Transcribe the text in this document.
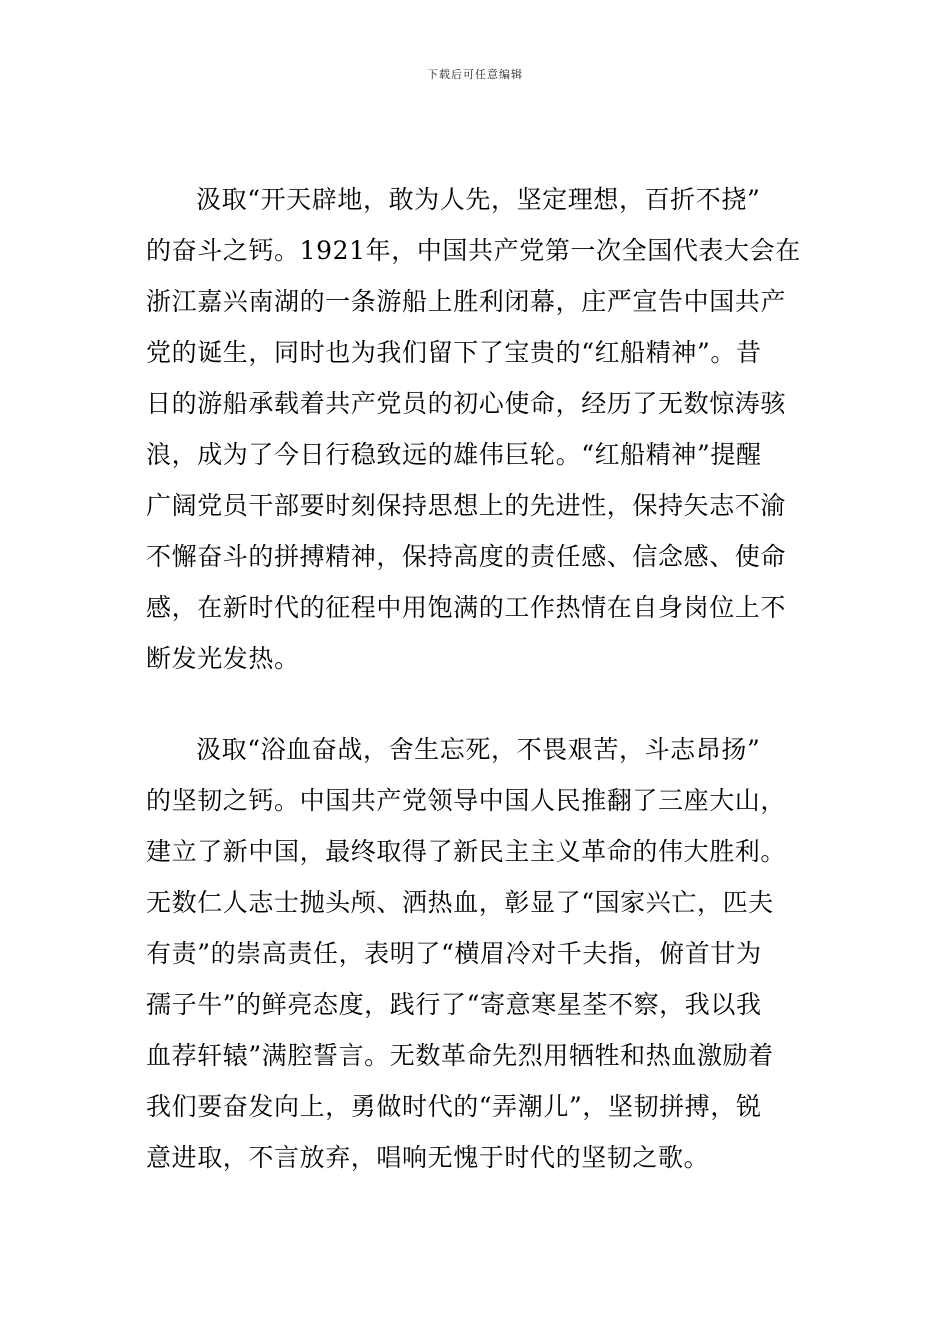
下载后可任意编辑
汲取“开天辟地，敢为人先，坚定理想，百折不挠”
的奋斗之钙。1921年，中国共产党第一次全国代表大会在
浙江嘉兴南湖的一条游船上胜利闭幕，庄严宣告中国共产
党的诞生，同时也为我们留下了宝贵的“红船精神”。昔
日的游船承载着共产党员的初心使命，经历了无数惊涛骇
浪，成为了今日行稳致远的雄伟巨轮。“红船精神”提醒
广阔党员干部要时刻保持思想上的先进性，保持矢志不渝
不懈奋斗的拼搏精神，保持高度的责任感、信念感、使命
感，在新时代的征程中用饱满的工作热情在自身岗位上不
断发光发热。
汲取“浴血奋战，舍生忘死，不畏艰苦，斗志昂扬”
的坚韧之钙。中国共产党领导中国人民推翻了三座大山，
建立了新中国，最终取得了新民主主义革命的伟大胜利。
无数仁人志士抛头颅、洒热血，彰显了“国家兴亡，匹夫
有责”的崇高责任，表明了“横眉冷对千夫指，俯首甘为
孺子牛”的鲜亮态度，践行了“寄意寒星荃不察，我以我
血荐轩辕”满腔誓言。无数革命先烈用牺牲和热血激励着
我们要奋发向上，勇做时代的“弄潮儿”，坚韧拼搏，锐
意进取，不言放弃，唱响无愧于时代的坚韧之歌。
